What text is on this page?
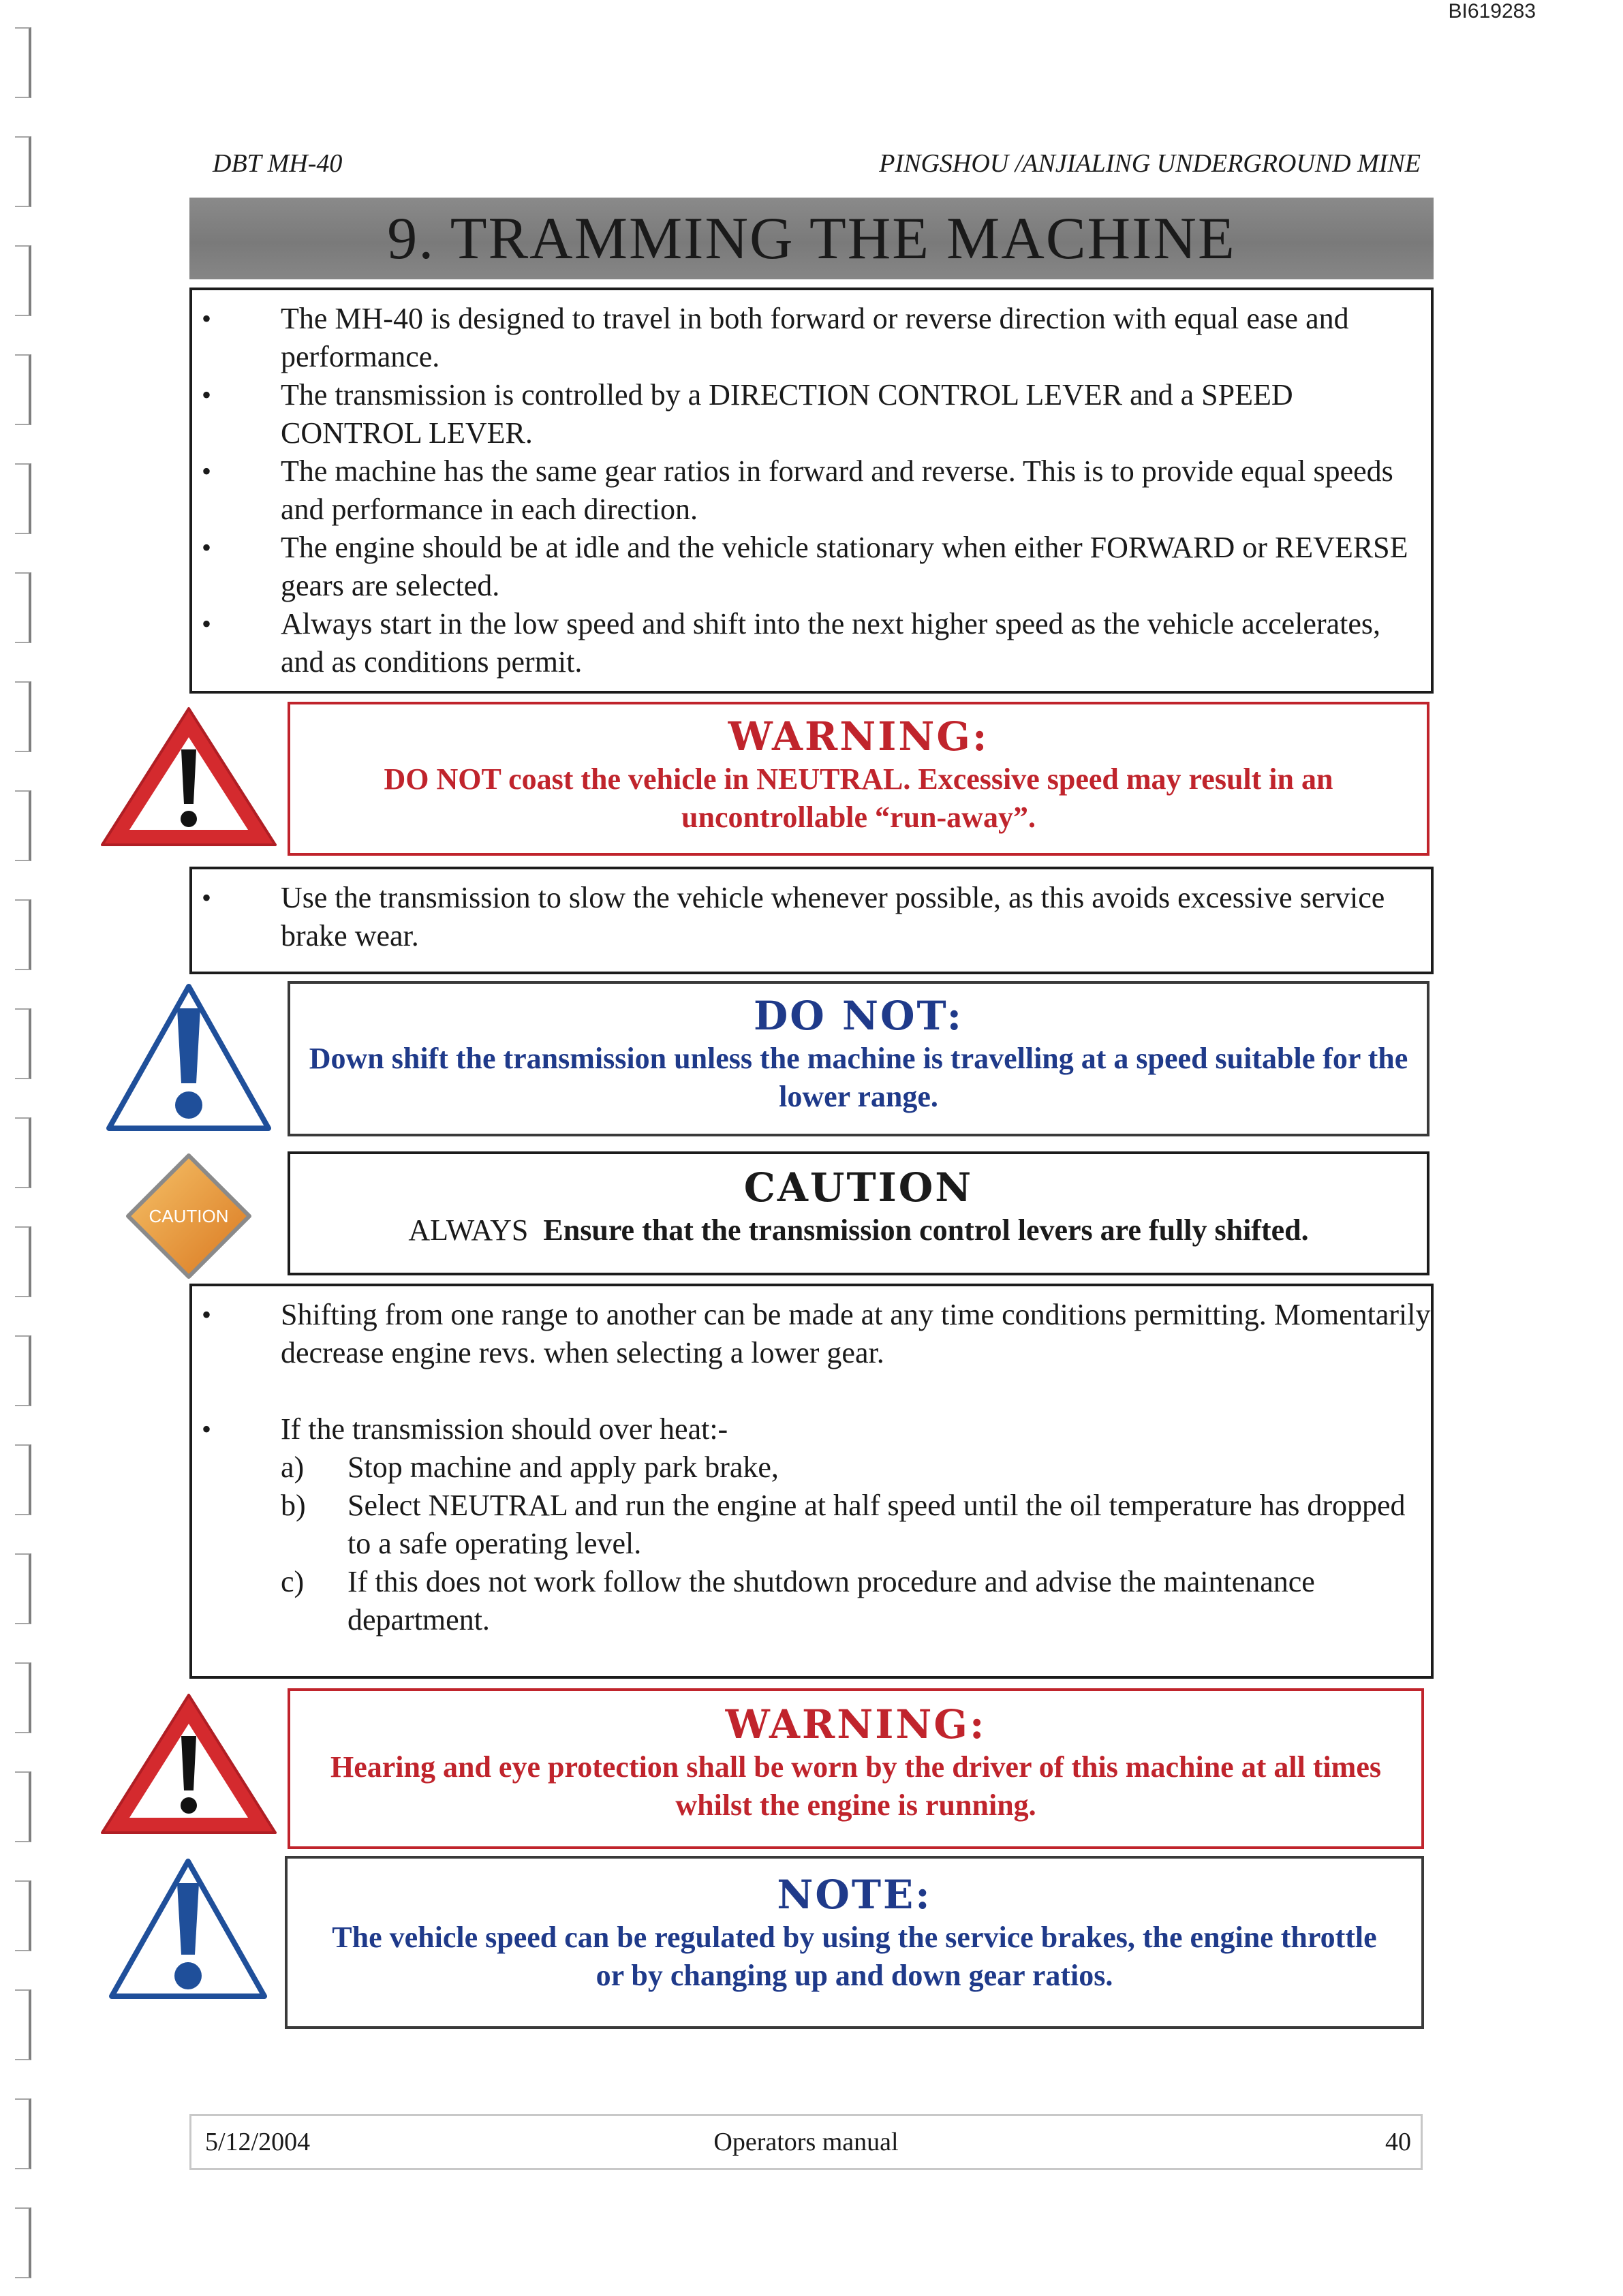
BI619283
DBT MH-40	PINGSHOU /ANJIALING UNDERGROUND MINE
9. TRAMMING THE MACHINE
• The MH-40 is designed to travel in both forward or reverse direction with equal ease and performance.
• The transmission is controlled by a DIRECTION CONTROL LEVER and a SPEED CONTROL LEVER.
• The machine has the same gear ratios in forward and reverse. This is to provide equal speeds and performance in each direction.
• The engine should be at idle and the vehicle stationary when either FORWARD or REVERSE gears are selected.
• Always start in the low speed and shift into the next higher speed as the vehicle accelerates, and as conditions permit.
WARNING:
DO NOT coast the vehicle in NEUTRAL. Excessive speed may result in an uncontrollable “run-away”.
• Use the transmission to slow the vehicle whenever possible, as this avoids excessive service brake wear.
DO NOT:
Down shift the transmission unless the machine is travelling at a speed suitable for the lower range.
CAUTION
CAUTION
ALWAYS Ensure that the transmission control levers are fully shifted.
• Shifting from one range to another can be made at any time conditions permitting. Momentarily decrease engine revs. when selecting a lower gear.
• If the transmission should over heat:-
a) Stop machine and apply park brake,
b) Select NEUTRAL and run the engine at half speed until the oil temperature has dropped to a safe operating level.
c) If this does not work follow the shutdown procedure and advise the maintenance department.
WARNING:
Hearing and eye protection shall be worn by the driver of this machine at all times whilst the engine is running.
NOTE:
The vehicle speed can be regulated by using the service brakes, the engine throttle or by changing up and down gear ratios.
5/12/2004	Operators manual	40
